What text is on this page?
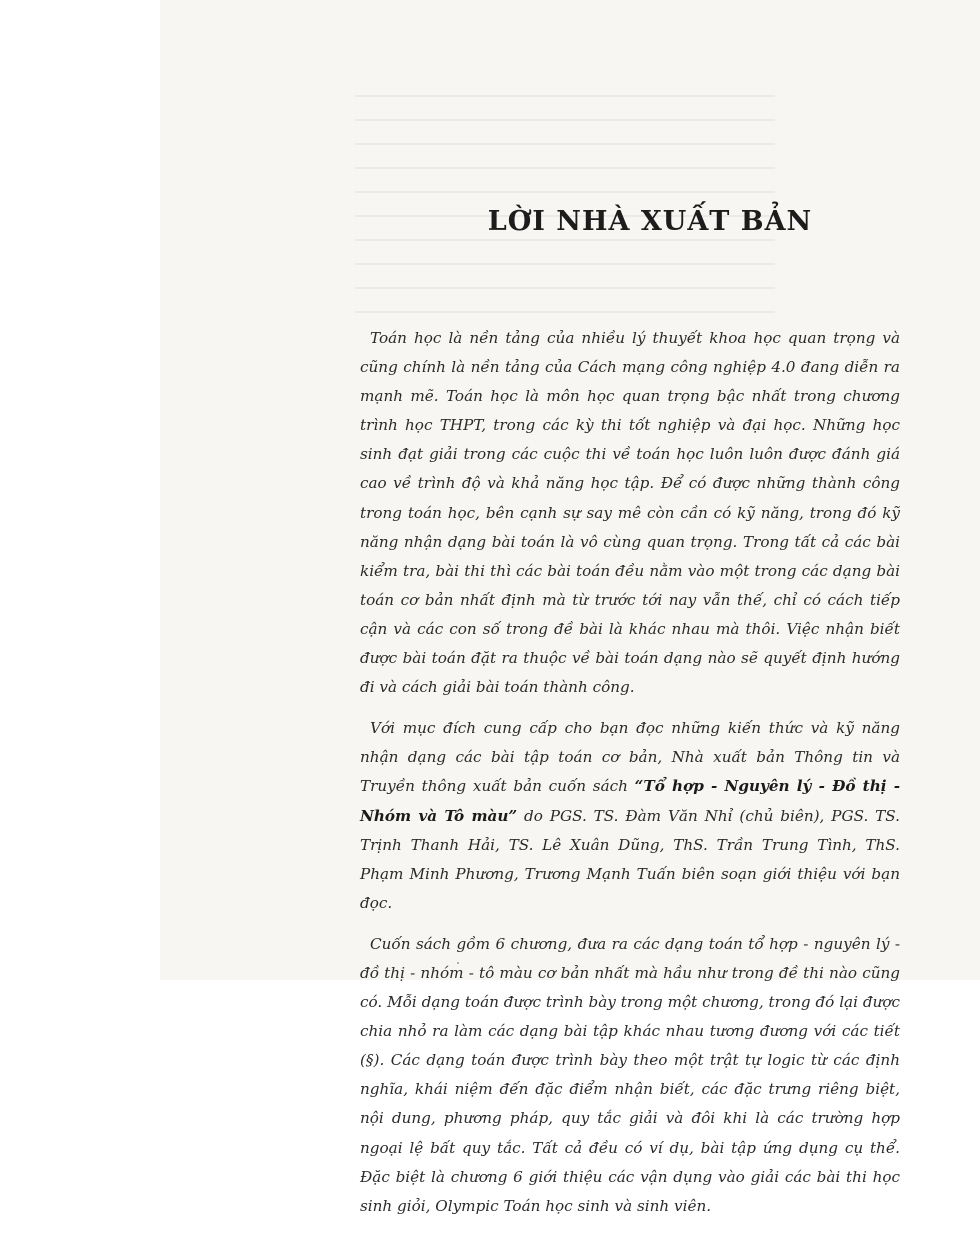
LỜI NHÀ XUẤT BẢN

Toán học là nền tảng của nhiều lý thuyết khoa học quan trọng và cũng chính là nền tảng của Cách mạng công nghiệp 4.0 đang diễn ra mạnh mẽ. Toán học là môn học quan trọng bậc nhất trong chương trình học THPT, trong các kỳ thi tốt nghiệp và đại học. Những học sinh đạt giải trong các cuộc thi về toán học luôn luôn được đánh giá cao về trình độ và khả năng học tập. Để có được những thành công trong toán học, bên cạnh sự say mê còn cần có kỹ năng, trong đó kỹ năng nhận dạng bài toán là vô cùng quan trọng. Trong tất cả các bài kiểm tra, bài thi thì các bài toán đều nằm vào một trong các dạng bài toán cơ bản nhất định mà từ trước tới nay vẫn thế, chỉ có cách tiếp cận và các con số trong đề bài là khác nhau mà thôi. Việc nhận biết được bài toán đặt ra thuộc về bài toán dạng nào sẽ quyết định hướng đi và cách giải bài toán thành công.

Với mục đích cung cấp cho bạn đọc những kiến thức và kỹ năng nhận dạng các bài tập toán cơ bản, Nhà xuất bản Thông tin và Truyền thông xuất bản cuốn sách “Tổ hợp - Nguyên lý - Đồ thị - Nhóm và Tô màu” do PGS. TS. Đàm Văn Nhỉ (chủ biên), PGS. TS. Trịnh Thanh Hải, TS. Lê Xuân Dũng, ThS. Trần Trung Tình, ThS. Phạm Minh Phương, Trương Mạnh Tuấn biên soạn giới thiệu với bạn đọc.

Cuốn sách gồm 6 chương, đưa ra các dạng toán tổ hợp - nguyên lý - đồ thị - nhóm - tô màu cơ bản nhất mà hầu như trong đề thi nào cũng có. Mỗi dạng toán được trình bày trong một chương, trong đó lại được chia nhỏ ra làm các dạng bài tập khác nhau tương đương với các tiết (§). Các dạng toán được trình bày theo một trật tự logic từ các định nghĩa, khái niệm đến đặc điểm nhận biết, các đặc trưng riêng biệt, nội dung, phương pháp, quy tắc giải và đôi khi là các trường hợp ngoại lệ bất quy tắc. Tất cả đều có ví dụ, bài tập ứng dụng cụ thể. Đặc biệt là chương 6 giới thiệu các vận dụng vào giải các bài thi học sinh giỏi, Olympic Toán học sinh và sinh viên.
